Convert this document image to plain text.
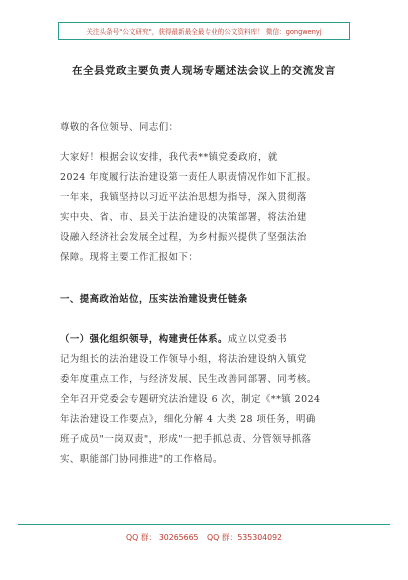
关注头条号"公文研究"，获得最新最全最专业的公文资料库！ 微信：gongwenyj
在全县党政主要负责人现场专题述法会议上的交流发言
尊敬的各位领导、同志们：
大家好！根据会议安排，我代表**镇党委政府，就
2024 年度履行法治建设第一责任人职责情况作如下汇报。
一年来，我镇坚持以习近平法治思想为指导，深入贯彻落
实中央、省、市、县关于法治建设的决策部署，将法治建
设融入经济社会发展全过程，为乡村振兴提供了坚强法治
保障。现将主要工作汇报如下：
一、提高政治站位，压实法治建设责任链条
（一）强化组织领导，构建责任体系。成立以党委书
记为组长的法治建设工作领导小组，将法治建设纳入镇党
委年度重点工作，与经济发展、民生改善同部署、同考核。
全年召开党委会专题研究法治建设 6 次，制定《**镇 2024
年法治建设工作要点》，细化分解 4 大类 28 项任务，明确
班子成员"一岗双责"，形成"一把手抓总责、分管领导抓落
实、职能部门协同推进"的工作格局。
QQ 群： 30265665 QQ 群：535304092
